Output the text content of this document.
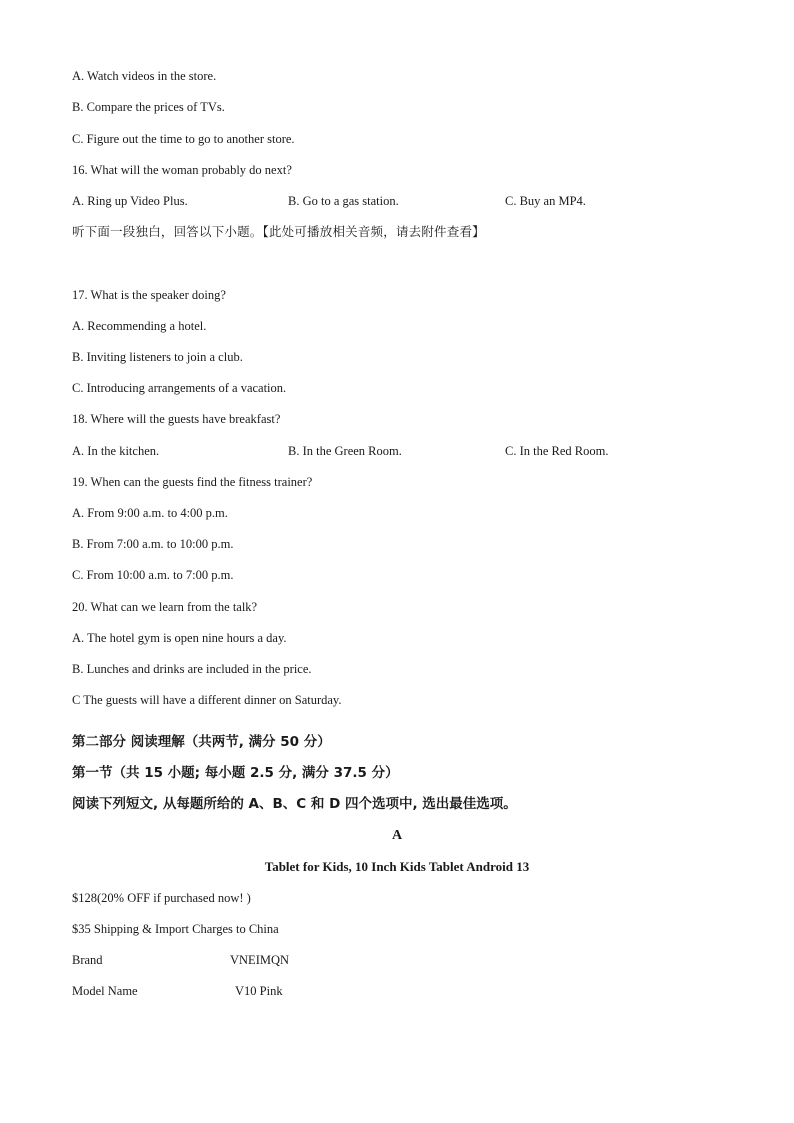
A. Watch videos in the store.
B. Compare the prices of TVs.
C. Figure out the time to go to another store.
16. What will the woman probably do next?
A. Ring up Video Plus.	B. Go to a gas station.	C. Buy an MP4.
听下面一段独白，回答以下小题。【此处可播放相关音频，请去附件查看】
17. What is the speaker doing?
A. Recommending a hotel.
B. Inviting listeners to join a club.
C. Introducing arrangements of a vacation.
18. Where will the guests have breakfast?
A. In the kitchen.	B. In the Green Room.	C. In the Red Room.
19. When can the guests find the fitness trainer?
A. From 9:00 a.m. to 4:00 p.m.
B. From 7:00 a.m. to 10:00 p.m.
C. From 10:00 a.m. to 7:00 p.m.
20. What can we learn from the talk?
A. The hotel gym is open nine hours a day.
B. Lunches and drinks are included in the price.
C The guests will have a different dinner on Saturday.
第二部分 阅读理解（共两节, 满分 50 分）
第一节（共 15 小题; 每小题 2.5 分, 满分 37.5 分）
阅读下列短文, 从每题所给的 A、B、C 和 D 四个选项中, 选出最佳选项。
A
Tablet for Kids, 10 Inch Kids Tablet Android 13
$128(20% OFF if purchased now! )
$35 Shipping & Import Charges to China
Brand	VNEIMQN
Model Name	V10 Pink
